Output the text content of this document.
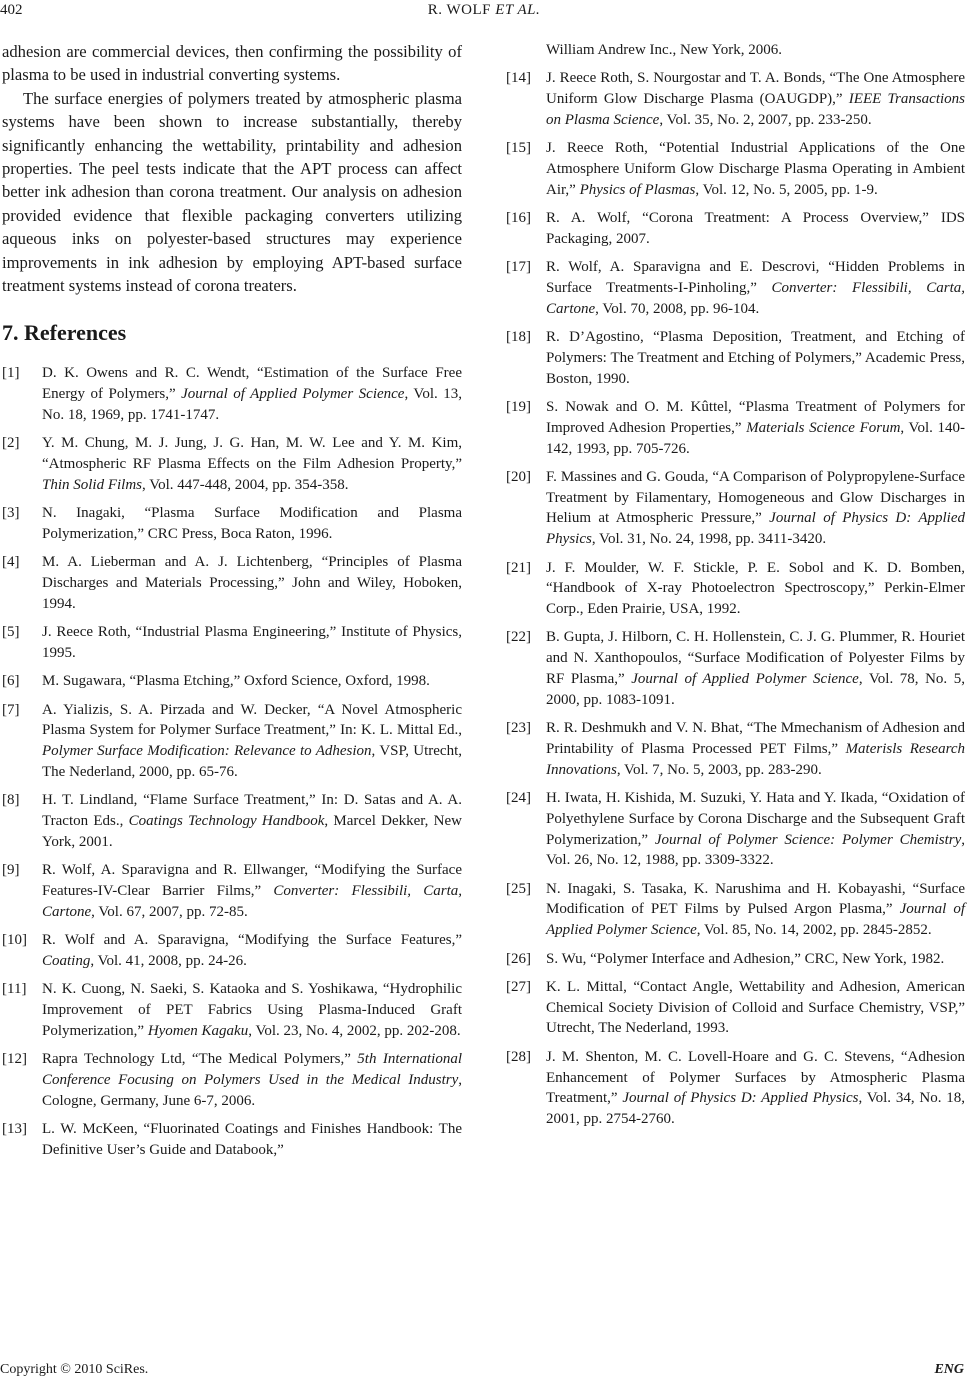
402	R. WOLF ET AL.

adhesion are commercial devices, then confirming the possibility of plasma to be used in industrial converting systems.

The surface energies of polymers treated by atmospheric plasma systems have been shown to increase substantially, thereby significantly enhancing the wettability, printability and adhesion properties. The peel tests indicate that the APT process can affect better ink adhesion than corona treatment. Our analysis on adhesion provided evidence that flexible packaging converters utilizing aqueous inks on polyester-based structures may experience improvements in ink adhesion by employing APT-based surface treatment systems instead of corona treaters.

7. References
[1] D. K. Owens and R. C. Wendt, “Estimation of the Surface Free Energy of Polymers,” Journal of Applied Polymer Science, Vol. 13, No. 18, 1969, pp. 1741-1747.
[2] Y. M. Chung, M. J. Jung, J. G. Han, M. W. Lee and Y. M. Kim, “Atmospheric RF Plasma Effects on the Film Adhesion Property,” Thin Solid Films, Vol. 447-448, 2004, pp. 354-358.
[3] N. Inagaki, “Plasma Surface Modification and Plasma Polymerization,” CRC Press, Boca Raton, 1996.
[4] M. A. Lieberman and A. J. Lichtenberg, “Principles of Plasma Discharges and Materials Processing,” John and Wiley, Hoboken, 1994.
[5] J. Reece Roth, “Industrial Plasma Engineering,” Institute of Physics, 1995.
[6] M. Sugawara, “Plasma Etching,” Oxford Science, Oxford, 1998.
[7] A. Yializis, S. A. Pirzada and W. Decker, “A Novel Atmospheric Plasma System for Polymer Surface Treatment,” In: K. L. Mittal Ed., Polymer Surface Modification: Relevance to Adhesion, VSP, Utrecht, The Nederland, 2000, pp. 65-76.
[8] H. T. Lindland, “Flame Surface Treatment,” In: D. Satas and A. A. Tracton Eds., Coatings Technology Handbook, Marcel Dekker, New York, 2001.
[9] R. Wolf, A. Sparavigna and R. Ellwanger, “Modifying the Surface Features-IV-Clear Barrier Films,” Converter: Flessibili, Carta, Cartone, Vol. 67, 2007, pp. 72-85.
[10] R. Wolf and A. Sparavigna, “Modifying the Surface Features,” Coating, Vol. 41, 2008, pp. 24-26.
[11] N. K. Cuong, N. Saeki, S. Kataoka and S. Yoshikawa, “Hydrophilic Improvement of PET Fabrics Using Plasma-Induced Graft Polymerization,” Hyomen Kagaku, Vol. 23, No. 4, 2002, pp. 202-208.
[12] Rapra Technology Ltd, “The Medical Polymers,” 5th International Conference Focusing on Polymers Used in the Medical Industry, Cologne, Germany, June 6-7, 2006.
[13] L. W. McKeen, “Fluorinated Coatings and Finishes Handbook: The Definitive User’s Guide and Databook,”
William Andrew Inc., New York, 2006.
[14] J. Reece Roth, S. Nourgostar and T. A. Bonds, “The One Atmosphere Uniform Glow Discharge Plasma (OAUGDP),” IEEE Transactions on Plasma Science, Vol. 35, No. 2, 2007, pp. 233-250.
[15] J. Reece Roth, “Potential Industrial Applications of the One Atmosphere Uniform Glow Discharge Plasma Operating in Ambient Air,” Physics of Plasmas, Vol. 12, No. 5, 2005, pp. 1-9.
[16] R. A. Wolf, “Corona Treatment: A Process Overview,” IDS Packaging, 2007.
[17] R. Wolf, A. Sparavigna and E. Descrovi, “Hidden Problems in Surface Treatments-I-Pinholing,” Converter: Flessibili, Carta, Cartone, Vol. 70, 2008, pp. 96-104.
[18] R. D’Agostino, “Plasma Deposition, Treatment, and Etching of Polymers: The Treatment and Etching of Polymers,” Academic Press, Boston, 1990.
[19] S. Nowak and O. M. Kûttel, “Plasma Treatment of Polymers for Improved Adhesion Properties,” Materials Science Forum, Vol. 140-142, 1993, pp. 705-726.
[20] F. Massines and G. Gouda, “A Comparison of Polypropylene-Surface Treatment by Filamentary, Homogeneous and Glow Discharges in Helium at Atmospheric Pressure,” Journal of Physics D: Applied Physics, Vol. 31, No. 24, 1998, pp. 3411-3420.
[21] J. F. Moulder, W. F. Stickle, P. E. Sobol and K. D. Bomben, “Handbook of X-ray Photoelectron Spectroscopy,” Perkin-Elmer Corp., Eden Prairie, USA, 1992.
[22] B. Gupta, J. Hilborn, C. H. Hollenstein, C. J. G. Plummer, R. Houriet and N. Xanthopoulos, “Surface Modification of Polyester Films by RF Plasma,” Journal of Applied Polymer Science, Vol. 78, No. 5, 2000, pp. 1083-1091.
[23] R. R. Deshmukh and V. N. Bhat, “The Mmechanism of Adhesion and Printability of Plasma Processed PET Films,” Materisls Research Innovations, Vol. 7, No. 5, 2003, pp. 283-290.
[24] H. Iwata, H. Kishida, M. Suzuki, Y. Hata and Y. Ikada, “Oxidation of Polyethylene Surface by Corona Discharge and the Subsequent Graft Polymerization,” Journal of Polymer Science: Polymer Chemistry, Vol. 26, No. 12, 1988, pp. 3309-3322.
[25] N. Inagaki, S. Tasaka, K. Narushima and H. Kobayashi, “Surface Modification of PET Films by Pulsed Argon Plasma,” Journal of Applied Polymer Science, Vol. 85, No. 14, 2002, pp. 2845-2852.
[26] S. Wu, “Polymer Interface and Adhesion,” CRC, New York, 1982.
[27] K. L. Mittal, “Contact Angle, Wettability and Adhesion, American Chemical Society Division of Colloid and Surface Chemistry, VSP,” Utrecht, The Nederland, 1993.
[28] J. M. Shenton, M. C. Lovell-Hoare and G. C. Stevens, “Adhesion Enhancement of Polymer Surfaces by Atmospheric Plasma Treatment,” Journal of Physics D: Applied Physics, Vol. 34, No. 18, 2001, pp. 2754-2760.
Copyright © 2010 SciRes.	ENG
